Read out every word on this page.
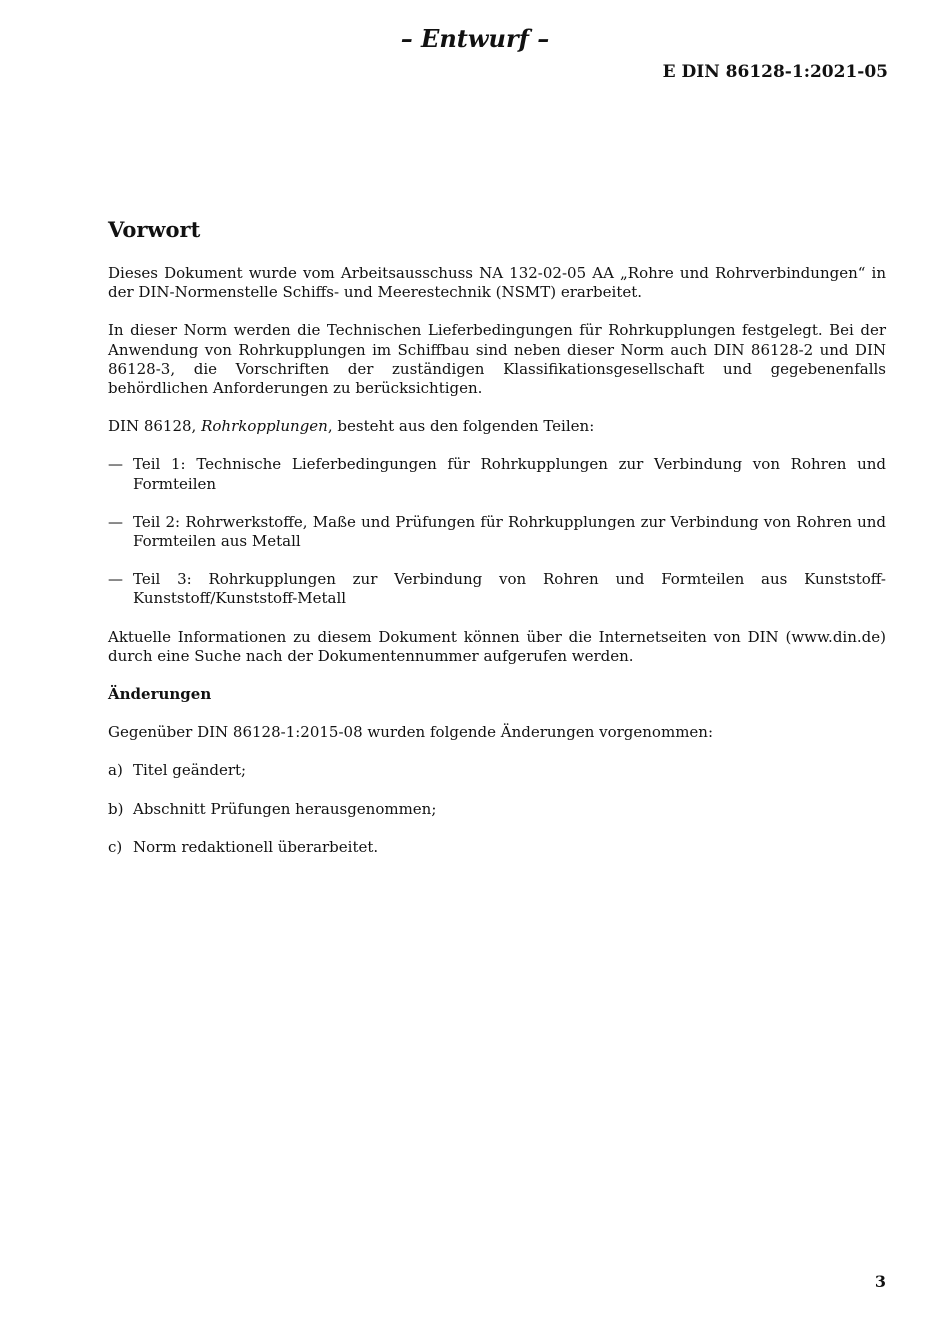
– Entwurf –
E DIN 86128-1:2021-05
Vorwort

Dieses Dokument wurde vom Arbeitsausschuss NA 132-02-05 AA „Rohre und Rohrverbindungen“ in der DIN-Normenstelle Schiffs- und Meerestechnik (NSMT) erarbeitet.

In dieser Norm werden die Technischen Lieferbedingungen für Rohrkupplungen festgelegt. Bei der Anwendung von Rohrkupplungen im Schiffbau sind neben dieser Norm auch DIN 86128-2 und DIN 86128-3, die Vorschriften der zuständigen Klassifikationsgesellschaft und gegebenenfalls behördlichen Anforderungen zu berücksichtigen.

DIN 86128, Rohrkopplungen, besteht aus den folgenden Teilen:

— Teil 1: Technische Lieferbedingungen für Rohrkupplungen zur Verbindung von Rohren und Formteilen
— Teil 2: Rohrwerkstoffe, Maße und Prüfungen für Rohrkupplungen zur Verbindung von Rohren und Formteilen aus Metall
— Teil 3: Rohrkupplungen zur Verbindung von Rohren und Formteilen aus Kunststoff-Kunststoff/Kunststoff-Metall

Aktuelle Informationen zu diesem Dokument können über die Internetseiten von DIN (www.din.de) durch eine Suche nach der Dokumentennummer aufgerufen werden.

Änderungen

Gegenüber DIN 86128-1:2015-08 wurden folgende Änderungen vorgenommen:

a) Titel geändert;
b) Abschnitt Prüfungen herausgenommen;
c) Norm redaktionell überarbeitet.
3
